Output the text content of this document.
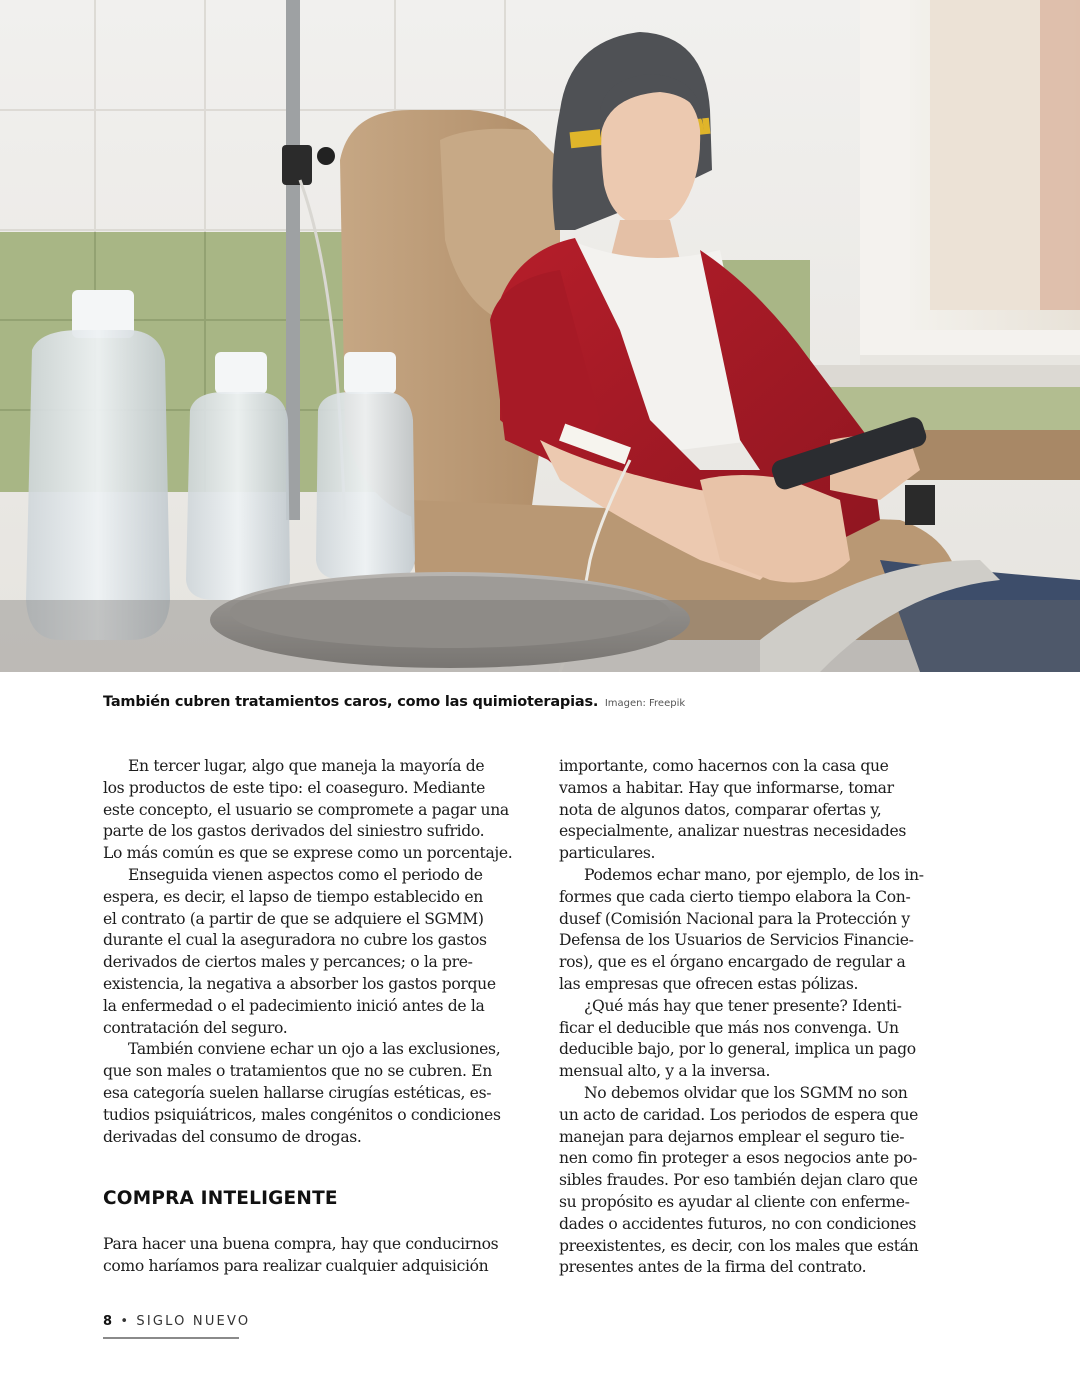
También cubren tratamientos caros, como las quimioterapias. Imagen: Freepik

En tercer lugar, algo que maneja la mayoría de

los productos de este tipo: el coaseguro. Mediante

este concepto, el usuario se compromete a pagar una

parte de los gastos derivados del siniestro sufrido.

Lo más común es que se exprese como un porcentaje.

Enseguida vienen aspectos como el periodo de

espera, es decir, el lapso de tiempo establecido en

el contrato (a partir de que se adquiere el SGMM)

durante el cual la aseguradora no cubre los gastos

derivados de ciertos males y percances; o la pre-

existencia, la negativa a absorber los gastos porque

la enfermedad o el padecimiento inició antes de la

contratación del seguro.

También conviene echar un ojo a las exclusiones,

que son males o tratamientos que no se cubren. En

esa categoría suelen hallarse cirugías estéticas, es-

tudios psiquiátricos, males congénitos o condiciones

derivadas del consumo de drogas.

COMPRA INTELIGENTE

Para hacer una buena compra, hay que conducirnos

como haríamos para realizar cualquier adquisición

importante, como hacernos con la casa que

vamos a habitar. Hay que informarse, tomar

nota de algunos datos, comparar ofertas y,

especialmente, analizar nuestras necesidades

particulares.

Podemos echar mano, por ejemplo, de los in-

formes que cada cierto tiempo elabora la Con-

dusef (Comisión Nacional para la Protección y

Defensa de los Usuarios de Servicios Financie-

ros), que es el órgano encargado de regular a

las empresas que ofrecen estas pólizas.

¿Qué más hay que tener presente? Identi-

ficar el deducible que más nos convenga. Un

deducible bajo, por lo general, implica un pago

mensual alto, y a la inversa.

No debemos olvidar que los SGMM no son

un acto de caridad. Los periodos de espera que

manejan para dejarnos emplear el seguro tie-

nen como fin proteger a esos negocios ante po-

sibles fraudes. Por eso también dejan claro que

su propósito es ayudar al cliente con enferme-

dades o accidentes futuros, no con condiciones

preexistentes, es decir, con los males que están

presentes antes de la firma del contrato.

8 • SIGLO NUEVO
